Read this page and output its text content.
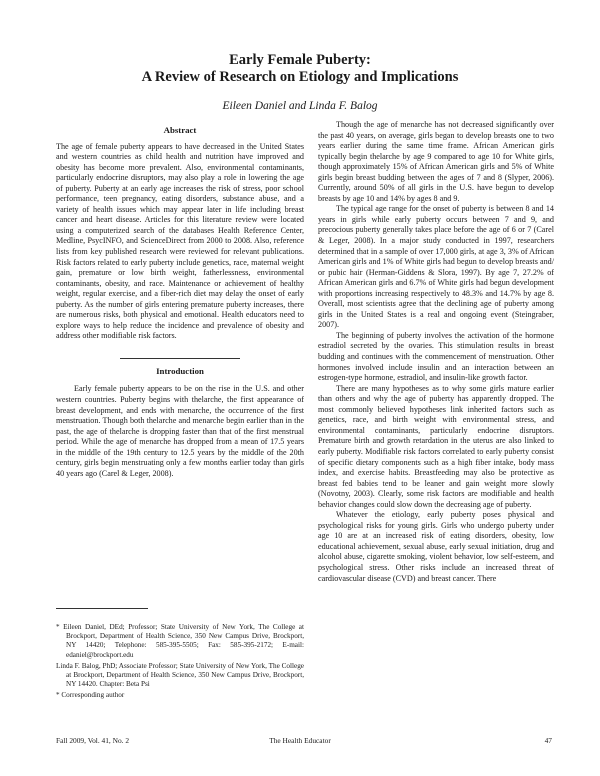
Early Female Puberty:
A Review of Research on Etiology and Implications
Eileen Daniel and Linda F. Balog
Abstract

The age of female puberty appears to have decreased in the United States and western countries as child health and nutrition have improved and obesity has become more prevalent. Also, environmental contaminants, particularly endocrine disruptors, may also play a role in lowering the age of puberty. Puberty at an early age increases the risk of stress, poor school performance, teen pregnancy, eating disorders, substance abuse, and a variety of health issues which may appear later in life including breast cancer and heart disease. Articles for this literature review were located using a computerized search of the databases Health Reference Center, Medline, PsycINFO, and ScienceDirect from 2000 to 2008. Also, reference lists from key published research were reviewed for relevant publications. Risk factors related to early puberty include genetics, race, maternal weight gain, premature or low birth weight, fatherlessness, environmental contaminants, obesity, and race. Maintenance or achievement of healthy weight, regular exercise, and a fiber-rich diet may delay the onset of early puberty. As the number of girls entering premature puberty increases, there are numerous risks, both physical and emotional. Health educators need to explore ways to help reduce the incidence and prevalence of obesity and address other modifiable risk factors.

Introduction

Early female puberty appears to be on the rise in the U.S. and other western countries. Puberty begins with thelarche, the first appearance of breast development, and ends with menarche, the occurrence of the first menstruation. Though both thelarche and menarche begin earlier than in the past, the age of thelarche is dropping faster than that of the first menstrual period. While the age of menarche has dropped from a mean of 17.5 years in the middle of the 19th century to 12.5 years by the middle of the 20th century, girls begin menstruating only a few months earlier today than girls 40 years ago (Carel & Leger, 2008).

Though the age of menarche has not decreased significantly over the past 40 years, on average, girls began to develop breasts one to two years earlier during the same time frame. African American girls typically begin thelarche by age 9 compared to age 10 for White girls, though approximately 15% of African American girls and 5% of White girls begin breast budding between the ages of 7 and 8 (Slyper, 2006). Currently, around 50% of all girls in the U.S. have begun to develop breasts by age 10 and 14% by ages 8 and 9.

The typical age range for the onset of puberty is between 8 and 14 years in girls while early puberty occurs between 7 and 9, and precocious puberty generally takes place before the age of 6 or 7 (Carel & Leger, 2008). In a major study conducted in 1997, researchers determined that in a sample of over 17,000 girls, at age 3, 3% of African American girls and 1% of White girls had begun to develop breasts and/ or pubic hair (Herman-Giddens & Slora, 1997). By age 7, 27.2% of African American girls and 6.7% of White girls had begun development with proportions increasing respectively to 48.3% and 14.7% by age 8. Overall, most scientists agree that the declining age of puberty among girls in the United States is a real and ongoing event (Steingraber, 2007).

The beginning of puberty involves the activation of the hormone estradiol secreted by the ovaries. This stimulation results in breast budding and continues with the commencement of menstruation. Other hormones involved include insulin and an interaction between an estrogen-type hormone, estradiol, and insulin-like growth factor.

There are many hypotheses as to why some girls mature earlier than others and why the age of puberty has apparently dropped. The most commonly believed hypotheses link inherited factors such as genetics, race, and birth weight with environmental stress, and environmental contaminants, particularly endocrine disruptors. Premature birth and growth retardation in the uterus are also linked to early puberty. Modifiable risk factors correlated to early puberty consist of specific dietary components such as a high fiber intake, body mass index, and exercise habits. Breastfeeding may also be protective as breast fed babies tend to be leaner and gain weight more slowly (Novotny, 2003). Clearly, some risk factors are modifiable and health behavior changes could slow down the decreasing age of puberty.

Whatever the etiology, early puberty poses physical and psychological risks for young girls. Girls who undergo puberty under age 10 are at an increased risk of eating disorders, obesity, low educational achievement, sexual abuse, early sexual initiation, drug and alcohol abuse, cigarette smoking, violent behavior, low self-esteem, and psychological stress. Other risks include an increased threat of cardiovascular disease (CVD) and breast cancer. There

* Eileen Daniel, DEd; Professor; State University of New York, The College at Brockport, Department of Health Science, 350 New Campus Drive, Brockport, NY 14420; Telephone: 585-395-5505; Fax: 585-395-2172; E-mail: edaniel@brockport.edu

Linda F. Balog, PhD; Associate Professor; State University of New York, The College at Brockport, Department of Health Science, 350 New Campus Drive, Brockport, NY 14420. Chapter: Beta Psi

* Corresponding author

Fall 2009, Vol. 41, No. 2	The Health Educator	47
